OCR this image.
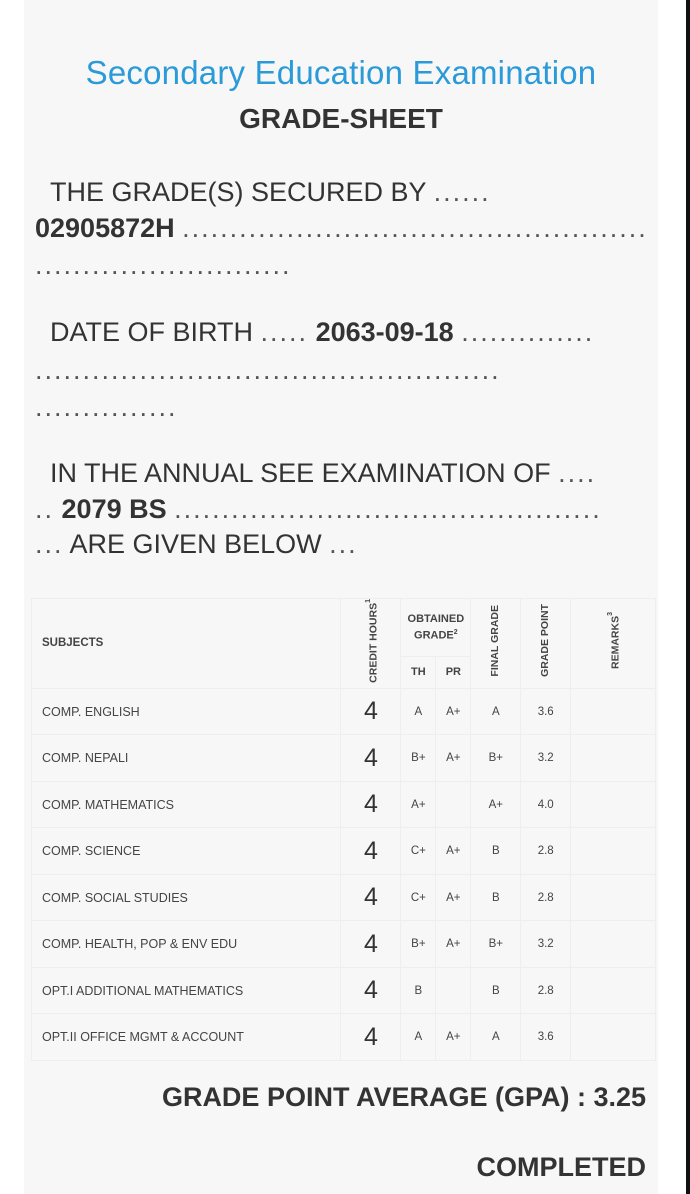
Secondary Education Examination
GRADE-SHEET
THE GRADE(S) SECURED BY ......
02905872H .................................................
...........................
DATE OF BIRTH ..... 2063-09-18 ..............
.................................................
...............
IN THE ANNUAL SEE EXAMINATION OF ....
.. 2079 BS .............................................
... ARE GIVEN BELOW ...
SUBJECTS	CREDIT HOURS$^1$	OBTAINED GRADE$^2$		FINAL GRADE	GRADE POINT	REMARKS$^3$
		TH	PR			
COMP. ENGLISH	4	A	A+	A	3.6	
COMP. NEPALI	4	B+	A+	B+	3.2	
COMP. MATHEMATICS	4	A+		A+	4.0	
COMP. SCIENCE	4	C+	A+	B	2.8	
COMP. SOCIAL STUDIES	4	C+	A+	B	2.8	
COMP. HEALTH, POP & ENV EDU	4	B+	A+	B+	3.2	
OPT.I ADDITIONAL MATHEMATICS	4	B		B	2.8	
OPT.II OFFICE MGMT & ACCOUNT	4	A	A+	A	3.6	
GRADE POINT AVERAGE (GPA) : 3.25
COMPLETED
